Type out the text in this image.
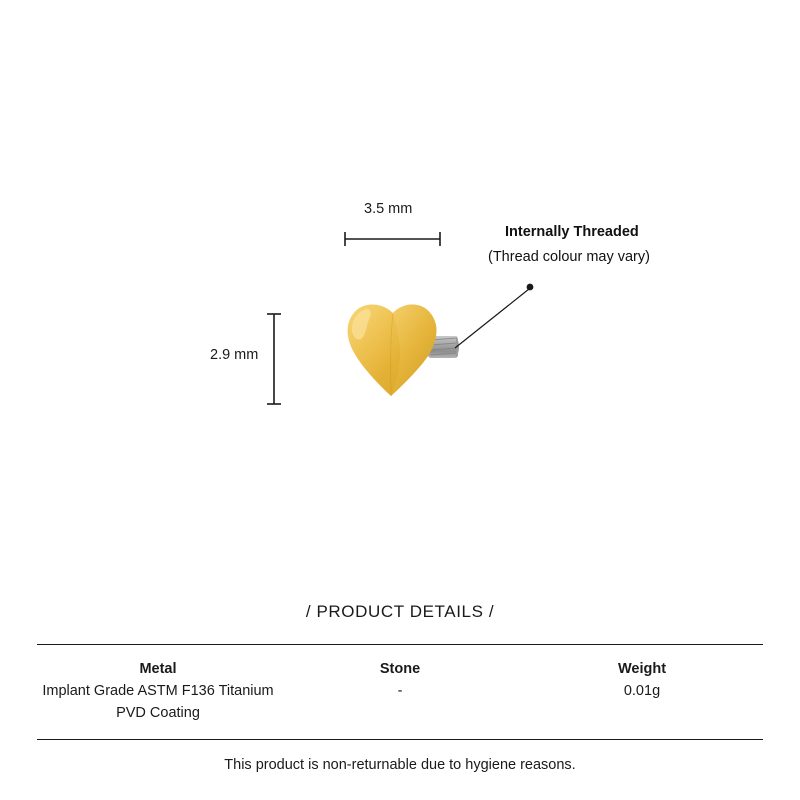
3.5 mm
2.9 mm
Internally Threaded
(Thread colour may vary)
/ PRODUCT DETAILS /
Metal	Stone	Weight
Implant Grade ASTM F136 Titanium
PVD Coating	-	0.01g
This product is non-returnable due to hygiene reasons.
